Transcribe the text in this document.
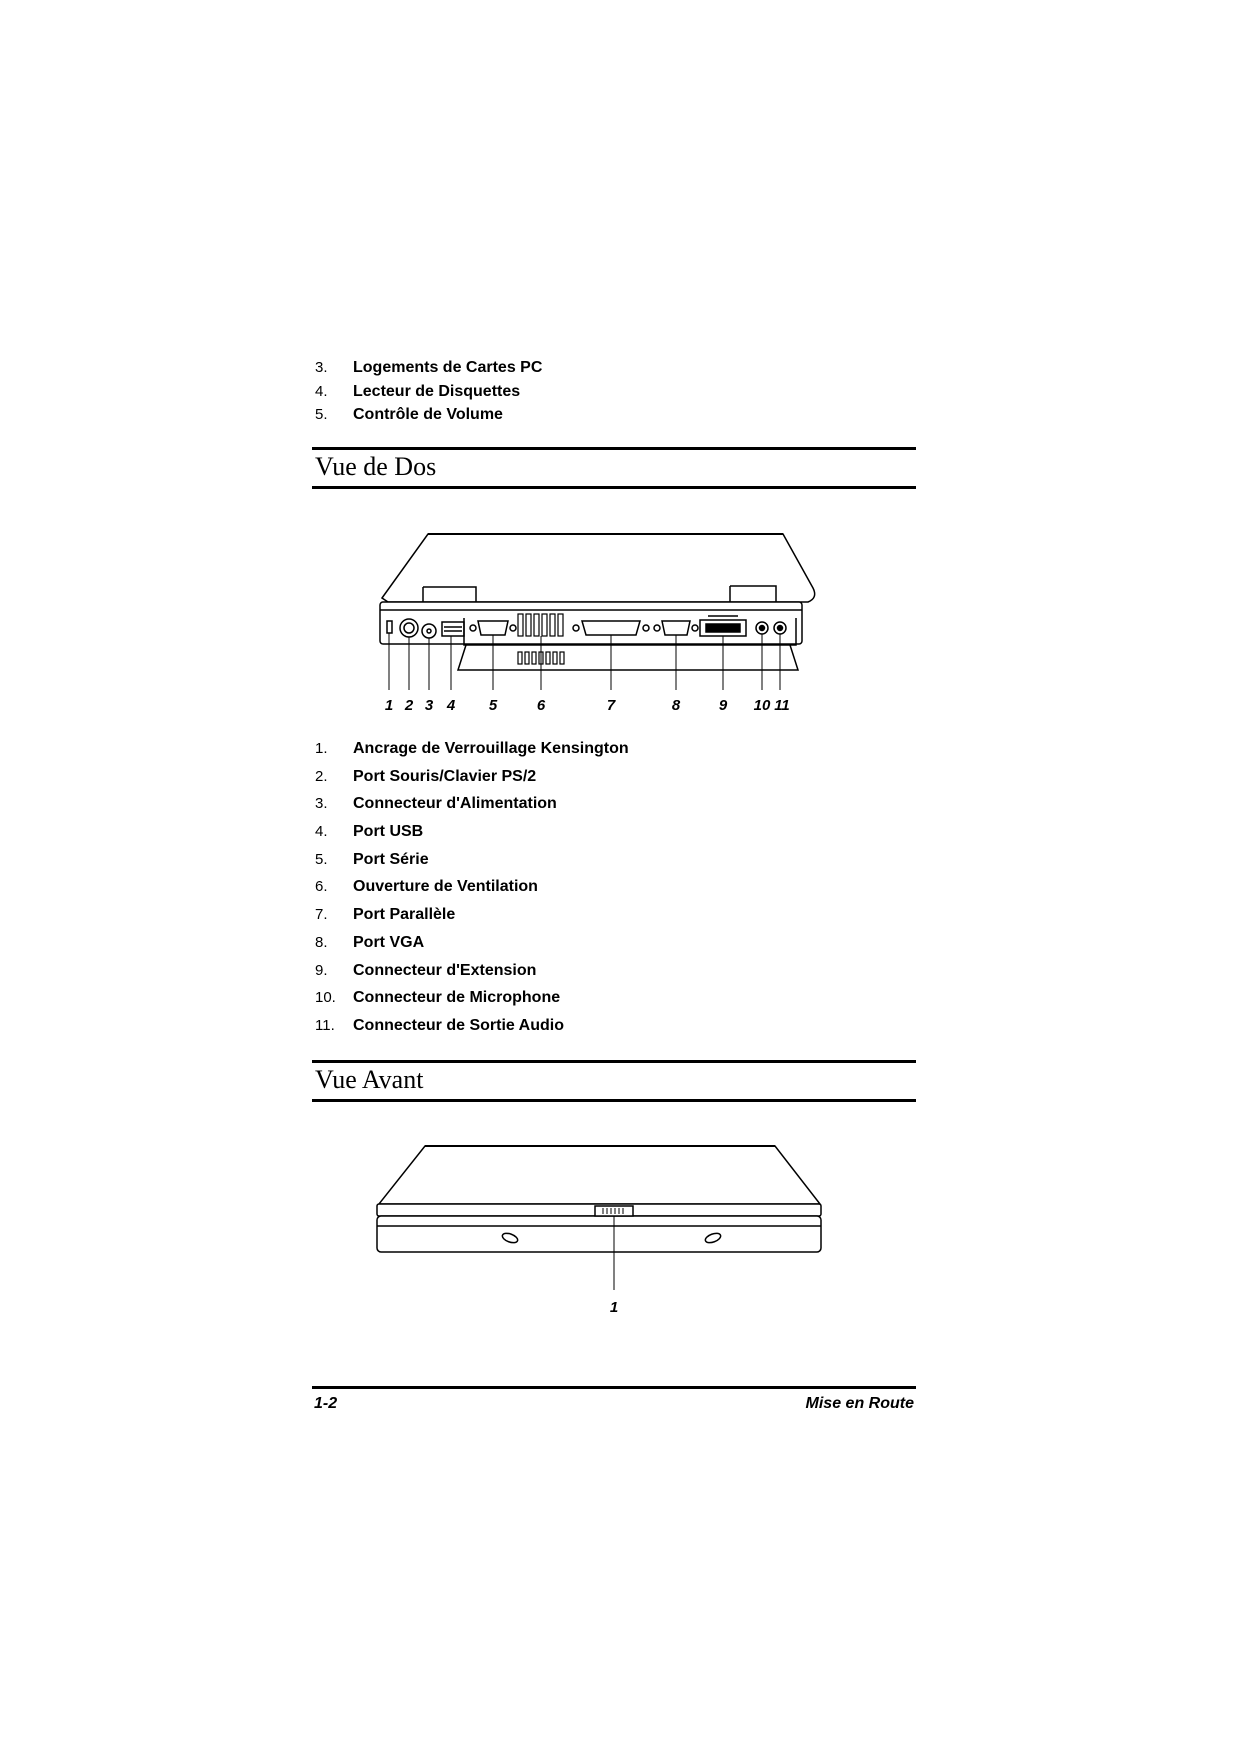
3.	Logements de Cartes PC
4.	Lecteur de Disquettes
5.	Contrôle de Volume
Vue de Dos
1 2 3 4 5	6	7	8	9 10 11
1.	Ancrage de Verrouillage Kensington
2.	Port Souris/Clavier PS/2
3.	Connecteur d'Alimentation
4.	Port USB
5.	Port Série
6.	Ouverture de Ventilation
7.	Port Parallèle
8.	Port VGA
9.	Connecteur d'Extension
10.	Connecteur de Microphone
11.	Connecteur de Sortie Audio
Vue Avant
1
1-2	Mise en Route
